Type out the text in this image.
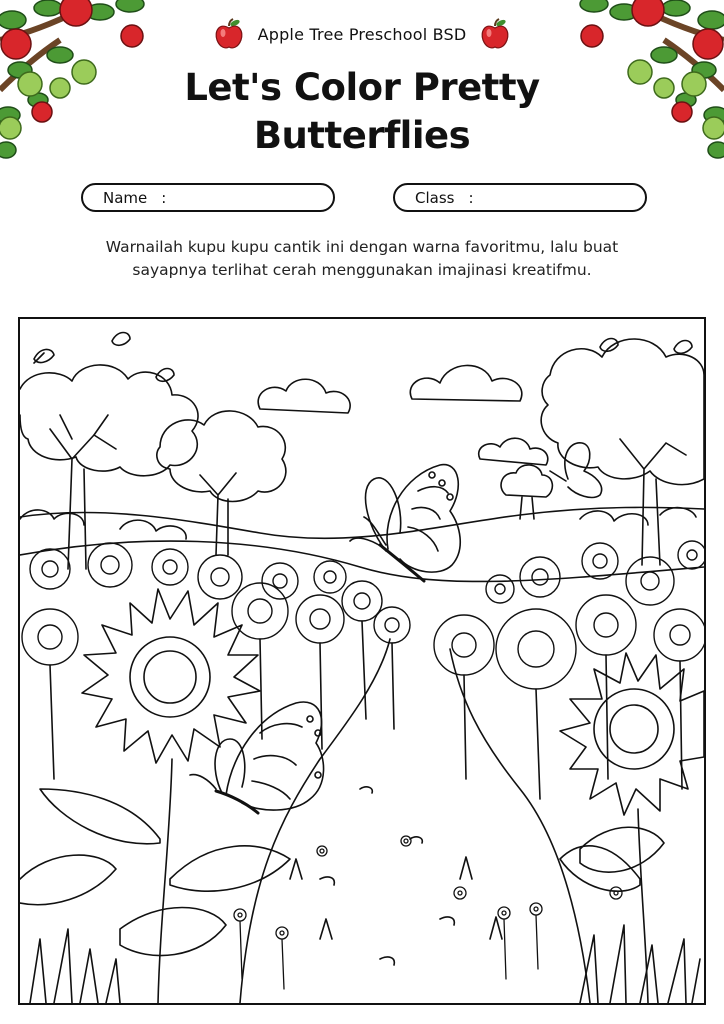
Apple Tree Preschool BSD
Let's Color Pretty
Butterflies
Name :	Class :
Warnailah kupu kupu cantik ini dengan warna favoritmu, lalu buat
sayapnya terlihat cerah menggunakan imajinasi kreatifmu.
